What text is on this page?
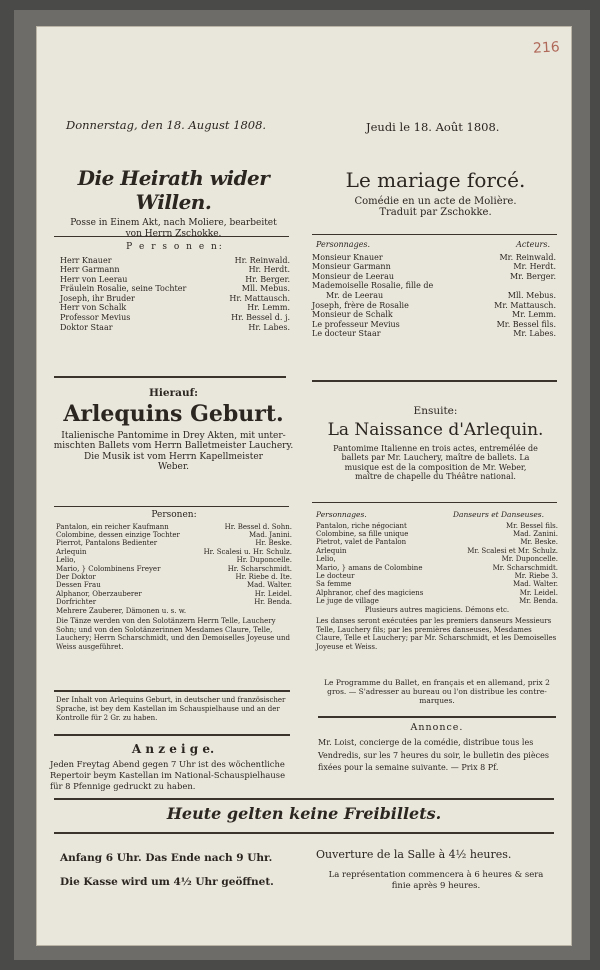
216
Donnerstag, den 18. August 1808.	Jeudi le 18. Août 1808.
Die Heirath wider Willen.
Posse in Einem Akt, nach Moliere, bearbeitet
von Herrn Zschokke.
Le mariage forcé.
Comédie en un acte de Molière.
Traduit par Zschokke.
P e r s o n e n:
Herr Knauer	Hr. Reinwald.
Herr Garmann	Hr. Herdt.
Herr von Leerau	Hr. Berger.
Fräulein Rosalie, seine Tochter	Mll. Mebus.
Joseph, ihr Bruder	Hr. Mattausch.
Herr von Schalk	Hr. Lemm.
Professor Mevius	Hr. Bessel d. j.
Doktor Staar	Hr. Labes.
Personnages.	Acteurs.
Monsieur Knauer	Mr. Reinwald.
Monsieur Garmann	Mr. Herdt.
Monsieur de Leerau	Mr. Berger.
Mademoiselle Rosalie, fille de
Mr. de Leerau	Mll. Mebus.
Joseph, frère de Rosalie	Mr. Mattausch.
Monsieur de Schalk	Mr. Lemm.
Le professeur Mevius	Mr. Bessel fils.
Le docteur Staar	Mr. Labes.
Hierauf:
Arlequins Geburt.
Italienische Pantomime in Drey Akten, mit unter-
mischten Ballets vom Herrn Balletmeister Lauchery.
Die Musik ist vom Herrn Kapellmeister
Weber.
Ensuite:
La Naissance d'Arlequin.
Pantomime Italienne en trois actes, entremélée de
ballets par Mr. Lauchery, maître de ballets. La
musique est de la composition de Mr. Weber,
maître de chapelle du Théâtre national.
Personen:
Pantalon, ein reicher Kaufmann	Hr. Bessel d. Sohn.
Colombine, dessen einzige Tochter	Mad. Janini.
Pierrot, Pantalons Bedienter	Hr. Beske.
Arlequin	Hr. Scalesi u. Hr. Schulz.
Lelio,	Hr. Duponcelle.
Mario, } Colombinens Freyer	Hr. Scharschmidt.
Der Doktor	Hr. Riebe d. Ite.
Dessen Frau	Mad. Walter.
Alphanor, Oberzauberer	Hr. Leidel.
Dorfrichter	Hr. Benda.
Mehrere Zauberer, Dämonen u. s. w.
Die Tänze werden von den Solotänzern Herrn Telle, Lauchery Sohn; und von den Solotänzerinnen Mesdames Claure, Telle, Lauchery; Herrn Scharschmidt, und den Demoiselles Joyeuse und Weiss ausgeführet.
Personnages.	Danseurs et Danseuses.
Pantalon, riche négociant	Mr. Bessel fils.
Colombine, sa fille unique	Mad. Zanini.
Pietrot, valet de Pantalon	Mr. Beske.
Arlequin	Mr. Scalesi et Mr. Schulz.
Lelio,	Mr. Duponcelle.
Mario, } amans de Colombine	Mr. Scharschmidt.
Le docteur	Mr. Riebe 3.
Sa femme	Mad. Walter.
Alphranor, chef des magiciens	Mr. Leidel.
Le juge de village	Mr. Benda.
Plusieurs autres magiciens. Démons etc.
Les danses seront exécutées par les premiers danseurs Messieurs Telle, Lauchery fils; par les premières danseuses, Mesdames Claure, Telle et Lauchery; par Mr. Scharschmidt, et les Demoiselles Joyeuse et Weiss.
Der Inhalt von Arlequins Geburt, in deutscher und französischer Sprache, ist bey dem Kastellan im Schauspielhause und an der Kontrolle für 2 Gr. zu haben.
Le Programme du Ballet, en français et en allemand, prix 2 gros. — S'adresser au bureau ou l'on distribue les contre-marques.
A n z e i g e.
Jeden Freytag Abend gegen 7 Uhr ist des wöchentliche Repertoir beym Kastellan im National-Schauspielhause für 8 Pfennige gedruckt zu haben.
Annonce.
Mr. Loist, concierge de la comédie, distribue tous les Vendredis, sur les 7 heures du soir, le bulletin des pièces fixées pour la semaine suivante. — Prix 8 Pf.
Heute gelten keine Freibillets.
Anfang 6 Uhr. Das Ende nach 9 Uhr.
Die Kasse wird um 4½ Uhr geöffnet.
Ouverture de la Salle à 4½ heures.
La représentation commencera à 6 heures & sera finie après 9 heures.
